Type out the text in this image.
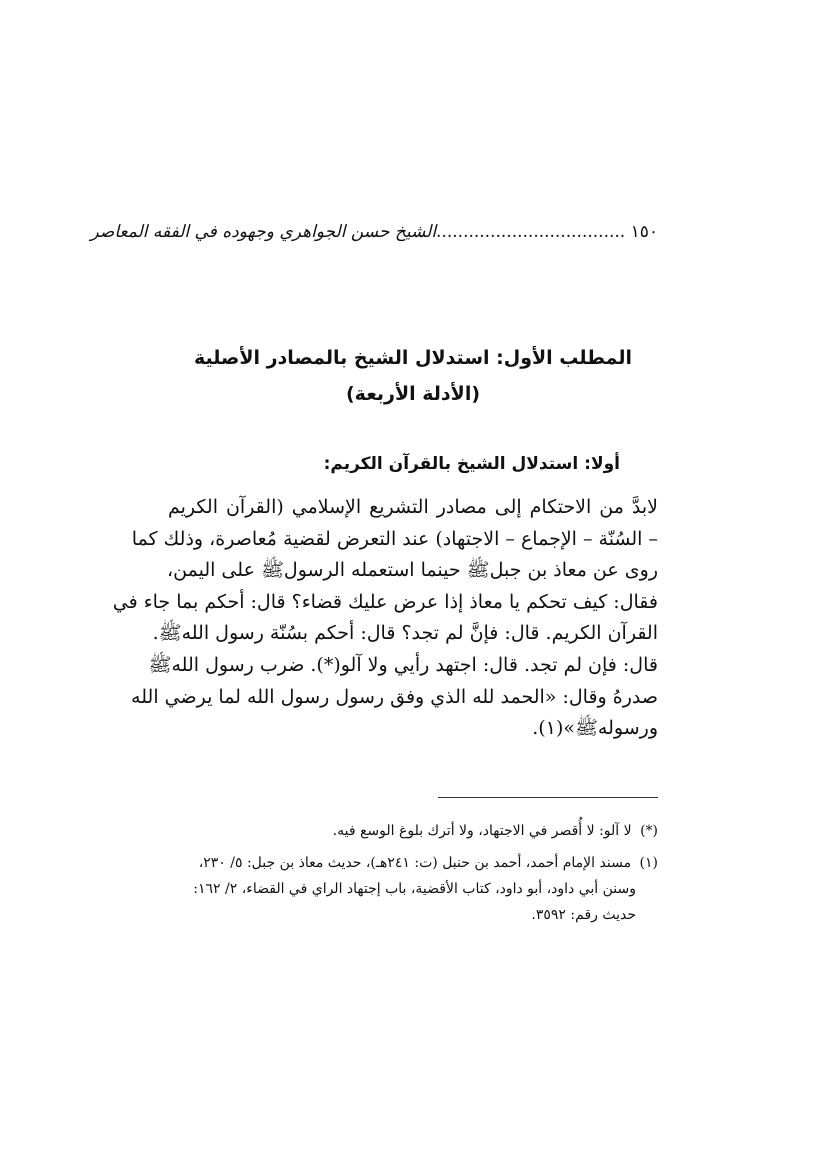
١٥٠ ...................................الشيخ حسن الجواهري وجهوده في الفقه المعاصر
المطلب الأول: استدلال الشيخ بالمصادر الأصلية
(الأدلة الأربعة)
أولا: استدلال الشيخ بالقرآن الكريم:
لابدَّ من الاحتكام إلى مصادر التشريع الإسلامي (القرآن الكريم
– السُنّة – الإجماع – الاجتهاد) عند التعرض لقضية مُعاصرة، وذلك كما
روى عن معاذ بن جبلﷺ حينما استعمله الرسولﷺ على اليمن،
فقال: كيف تحكم يا معاذ إذا عرض عليك قضاء؟ قال: أحكم بما جاء في
القرآن الكريم. قال: فإنَّ لم تجد؟ قال: أحكم بسُنّة رسول اللهﷺ.
قال: فإن لم تجد. قال: اجتهد رأيي ولا آلو(*). ضرب رسول اللهﷺ
صدرهُ وقال: «الحمد لله الذي وفق رسول رسول الله لما يرضي الله
ورسولهﷺ»(١).
(*) لا آلو: لا أُقصر في الاجتهاد، ولا أترك بلوغ الوسع فيه.
(١) مسند الإمام أحمد، أحمد بن حنبل (ت: ٢٤١هـ)، حديث معاذ بن جبل: ٥/ ٢٣٠،
وسنن أبي داود، أبو داود، كتاب الأقضية، باب إجتهاد الراي في القضاء، ٢/ ١٦٢:
حديث رقم: ٣٥٩٢.
